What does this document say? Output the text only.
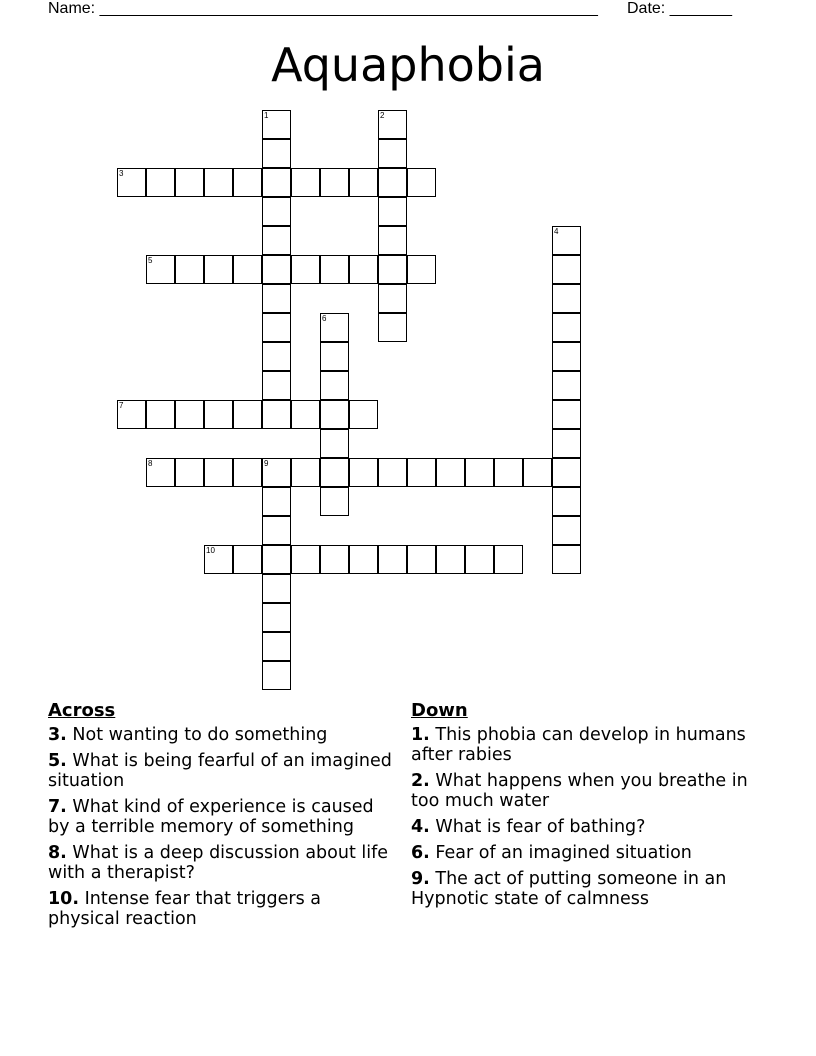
Name: ________________________________________________________ Date: _______
Aquaphobia
1	2
3
4
5
6
7
8	9
10
Across
3. Not wanting to do something
5. What is being fearful of an imagined situation
7. What kind of experience is caused by a terrible memory of something
8. What is a deep discussion about life with a therapist?
10. Intense fear that triggers a physical reaction
Down
1. This phobia can develop in humans after rabies
2. What happens when you breathe in too much water
4. What is fear of bathing?
6. Fear of an imagined situation
9. The act of putting someone in an Hypnotic state of calmness
